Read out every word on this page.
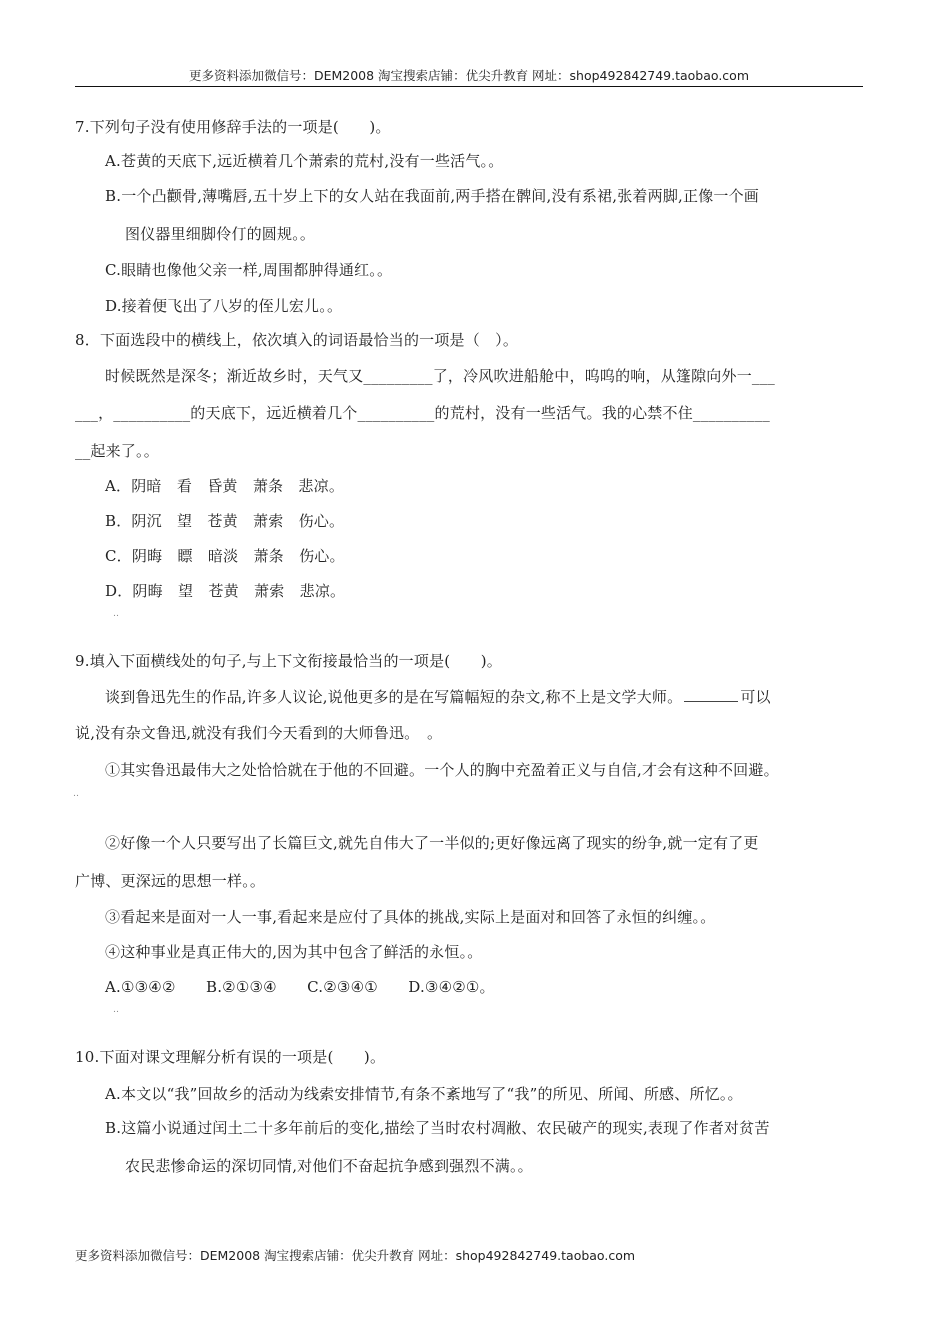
更多资料添加微信号：DEM2008 淘宝搜索店铺：优尖升教育 网址：shop492842749.taobao.com
7.下列句子没有使用修辞手法的一项是(　　)。
A.苍黄的天底下,远近横着几个萧索的荒村,没有一些活气。。
B.一个凸颧骨,薄嘴唇,五十岁上下的女人站在我面前,两手搭在髀间,没有系裙,张着两脚,正像一个画
图仪器里细脚伶仃的圆规。。
C.眼睛也像他父亲一样,周围都肿得通红。。
D.接着便飞出了八岁的侄儿宏儿。。
8．下面选段中的横线上，依次填入的词语最恰当的一项是（　）。
时候既然是深冬；渐近故乡时，天气又_________了，冷风吹进船舱中，呜呜的响，从篷隙向外一___
___，__________的天底下，远近横着几个__________的荒村，没有一些活气。我的心禁不住__________
__起来了。。
A．阴暗　看　昏黄　萧条　悲凉。
B．阴沉　望　苍黄　萧索　伤心。
C．阴晦　瞟　暗淡　萧条　伤心。
D．阴晦　望　苍黄　萧索　悲凉。
‥
9.填入下面横线处的句子,与上下文衔接最恰当的一项是(　　)。
谈到鲁迅先生的作品,许多人议论,说他更多的是在写篇幅短的杂文,称不上是文学大师。	可以
说,没有杂文鲁迅,就没有我们今天看到的大师鲁迅。　。
①其实鲁迅最伟大之处恰恰就在于他的不回避。一个人的胸中充盈着正义与自信,才会有这种不回避。
‥
②好像一个人只要写出了长篇巨文,就先自伟大了一半似的;更好像远离了现实的纷争,就一定有了更
广博、更深远的思想一样。。
③看起来是面对一人一事,看起来是应付了具体的挑战,实际上是面对和回答了永恒的纠缠。。
④这种事业是真正伟大的,因为其中包含了鲜活的永恒。。
A.①③④②　　B.②①③④　　C.②③④①　　D.③④②①。
‥
10.下面对课文理解分析有误的一项是(　　)。
A.本文以“我”回故乡的活动为线索安排情节,有条不紊地写了“我”的所见、所闻、所感、所忆。。
B.这篇小说通过闰土二十多年前后的变化,描绘了当时农村凋敝、农民破产的现实,表现了作者对贫苦
农民悲惨命运的深切同情,对他们不奋起抗争感到强烈不满。。
更多资料添加微信号：DEM2008 淘宝搜索店铺：优尖升教育 网址：shop492842749.taobao.com
